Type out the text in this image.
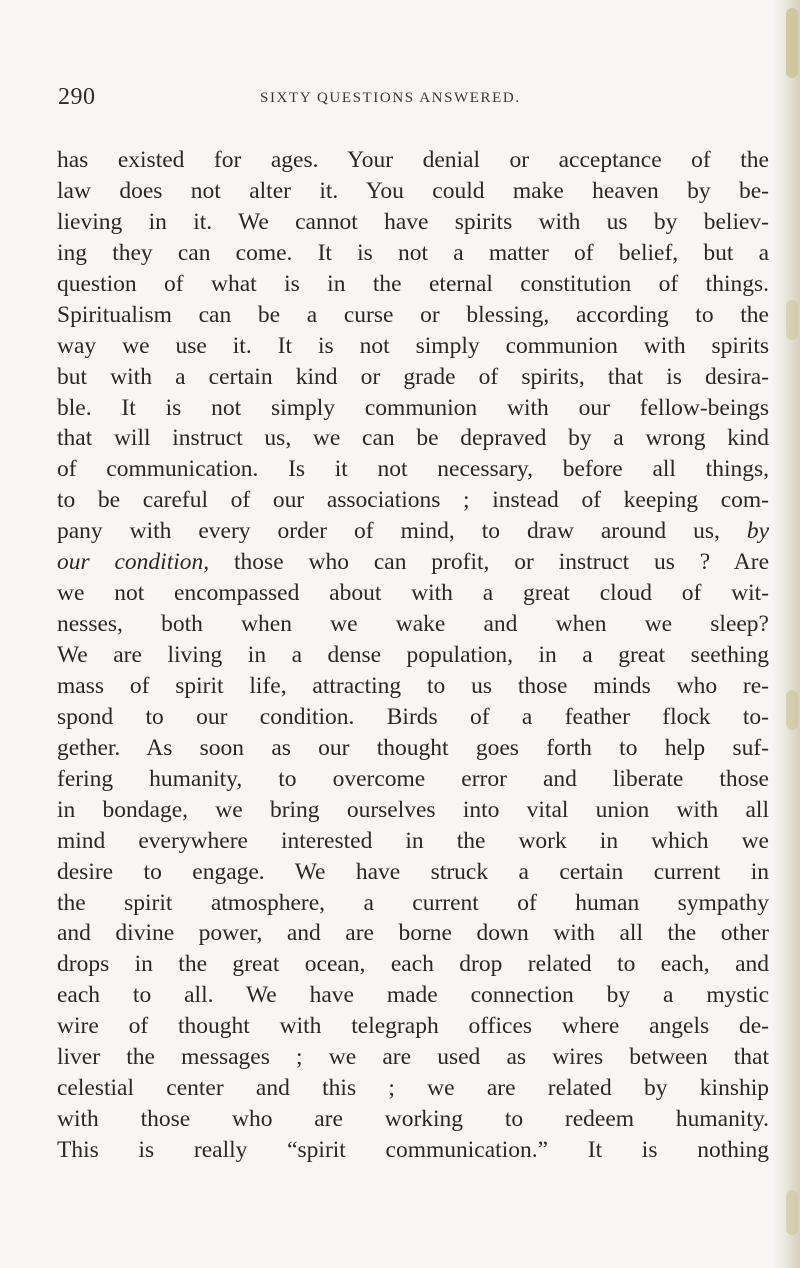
290	SIXTY QUESTIONS ANSWERED.
has existed for ages. Your denial or acceptance of the
law does not alter it. You could make heaven by be-
lieving in it. We cannot have spirits with us by believ-
ing they can come. It is not a matter of belief, but a
question of what is in the eternal constitution of things.
Spiritualism can be a curse or blessing, according to the
way we use it. It is not simply communion with spirits
but with a certain kind or grade of spirits, that is desira-
ble. It is not simply communion with our fellow-beings
that will instruct us, we can be depraved by a wrong kind
of communication. Is it not necessary, before all things,
to be careful of our associations ; instead of keeping com-
pany with every order of mind, to draw around us, by
our condition, those who can profit, or instruct us ? Are
we not encompassed about with a great cloud of wit-
nesses, both when we wake and when we sleep?
We are living in a dense population, in a great seething
mass of spirit life, attracting to us those minds who re-
spond to our condition. Birds of a feather flock to-
gether. As soon as our thought goes forth to help suf-
fering humanity, to overcome error and liberate those
in bondage, we bring ourselves into vital union with all
mind everywhere interested in the work in which we
desire to engage. We have struck a certain current in
the spirit atmosphere, a current of human sympathy
and divine power, and are borne down with all the other
drops in the great ocean, each drop related to each, and
each to all. We have made connection by a mystic
wire of thought with telegraph offices where angels de-
liver the messages ; we are used as wires between that
celestial center and this ; we are related by kinship
with those who are working to redeem humanity.
This is really “spirit communication.” It is nothing
